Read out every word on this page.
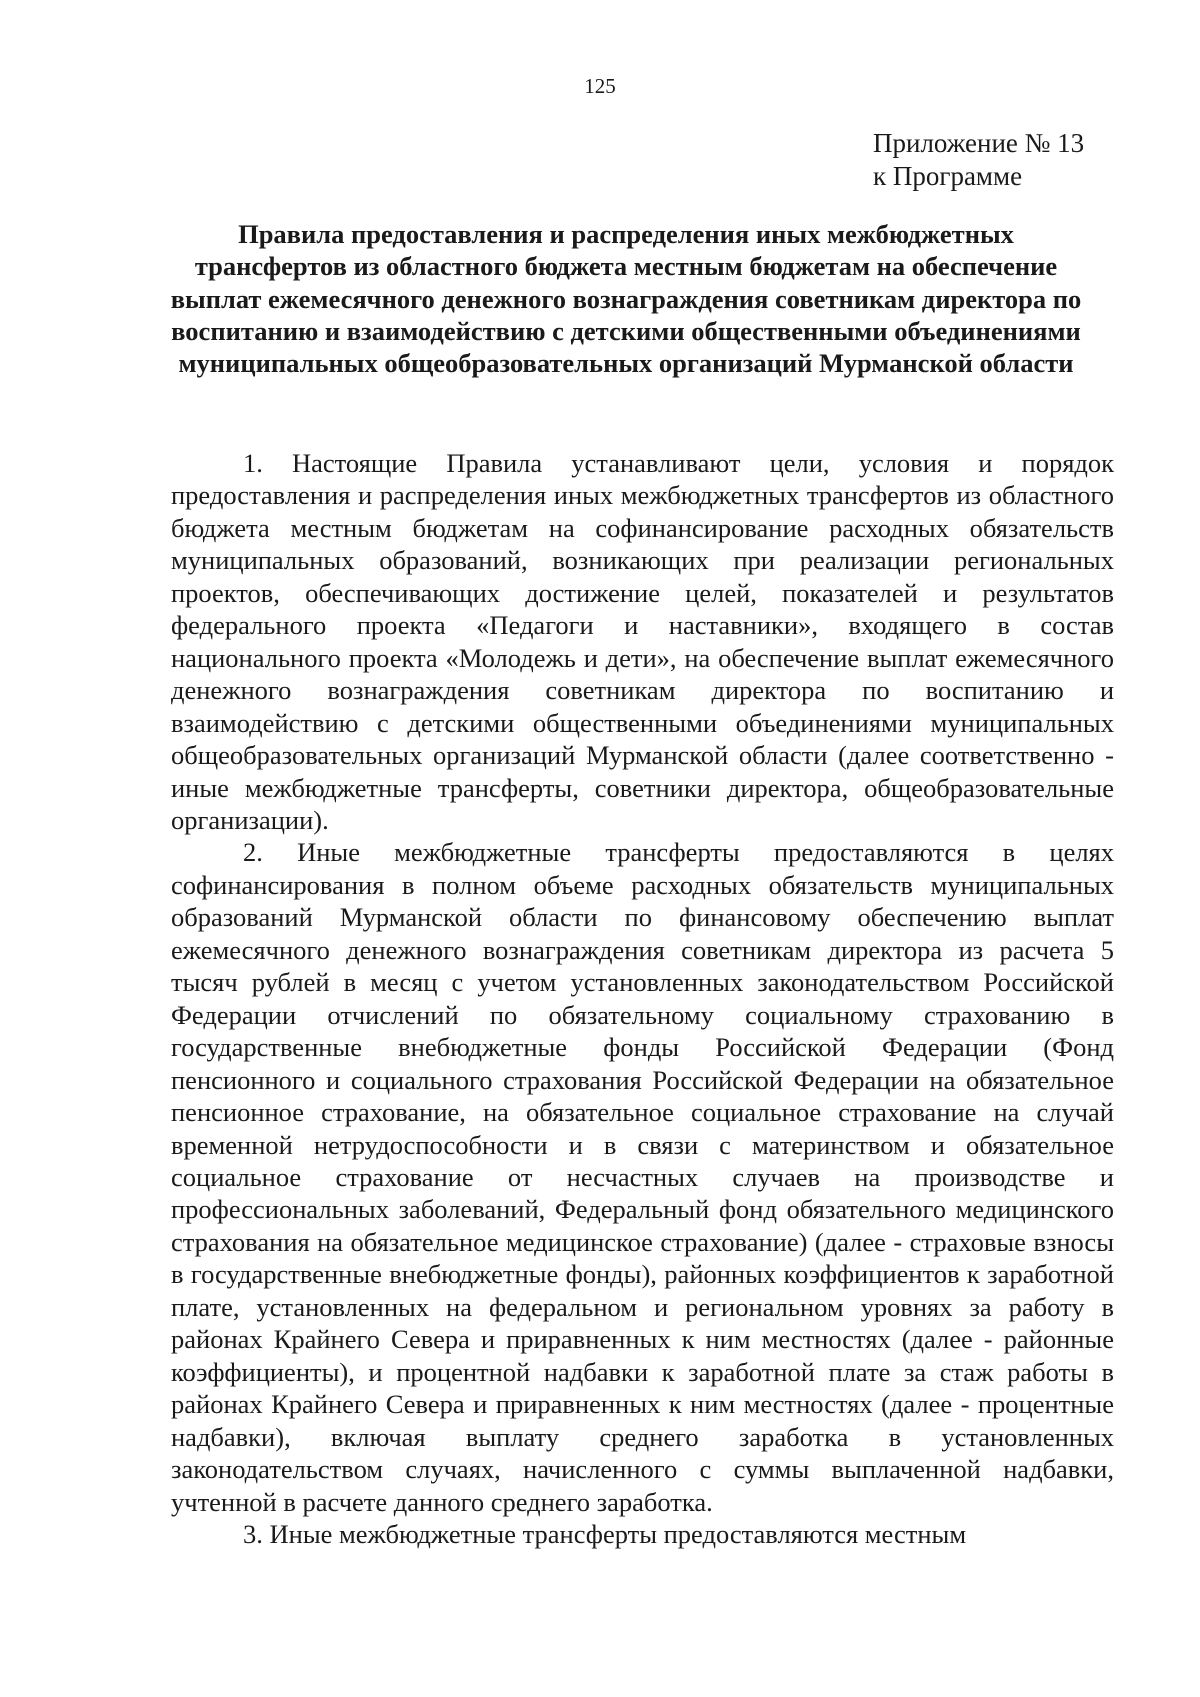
125
Приложение № 13
к Программе
Правила предоставления и распределения иных межбюджетных трансфертов из областного бюджета местным бюджетам на обеспечение выплат ежемесячного денежного вознаграждения советникам директора по воспитанию и взаимодействию с детскими общественными объединениями муниципальных общеобразовательных организаций Мурманской области

1. Настоящие Правила устанавливают цели, условия и порядок предоставления и распределения иных межбюджетных трансфертов из областного бюджета местным бюджетам на софинансирование расходных обязательств муниципальных образований, возникающих при реализации региональных проектов, обеспечивающих достижение целей, показателей и результатов федерального проекта «Педагоги и наставники», входящего в состав национального проекта «Молодежь и дети», на обеспечение выплат ежемесячного денежного вознаграждения советникам директора по воспитанию и взаимодействию с детскими общественными объединениями муниципальных общеобразовательных организаций Мурманской области (далее соответственно - иные межбюджетные трансферты, советники директора, общеобразовательные организации).

2. Иные межбюджетные трансферты предоставляются в целях софинансирования в полном объеме расходных обязательств муниципальных образований Мурманской области по финансовому обеспечению выплат ежемесячного денежного вознаграждения советникам директора из расчета 5 тысяч рублей в месяц с учетом установленных законодательством Российской Федерации отчислений по обязательному социальному страхованию в государственные внебюджетные фонды Российской Федерации (Фонд пенсионного и социального страхования Российской Федерации на обязательное пенсионное страхование, на обязательное социальное страхование на случай временной нетрудоспособности и в связи с материнством и обязательное социальное страхование от несчастных случаев на производстве и профессиональных заболеваний, Федеральный фонд обязательного медицинского страхования на обязательное медицинское страхование) (далее - страховые взносы в государственные внебюджетные фонды), районных коэффициентов к заработной плате, установленных на федеральном и региональном уровнях за работу в районах Крайнего Севера и приравненных к ним местностях (далее - районные коэффициенты), и процентной надбавки к заработной плате за стаж работы в районах Крайнего Севера и приравненных к ним местностях (далее - процентные надбавки), включая выплату среднего заработка в установленных законодательством случаях, начисленного с суммы выплаченной надбавки, учтенной в расчете данного среднего заработка.

3. Иные межбюджетные трансферты предоставляются местным
